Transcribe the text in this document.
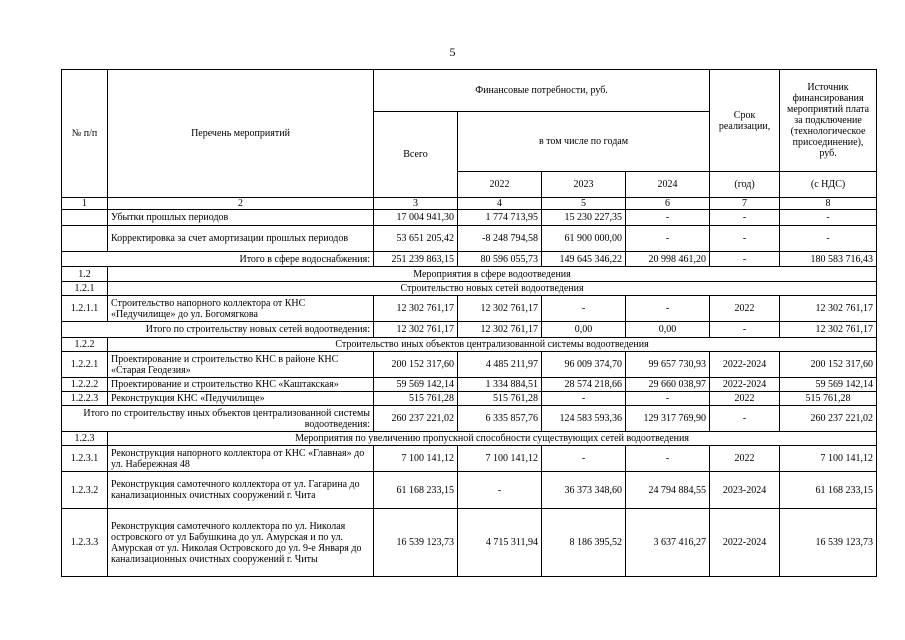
5
№ п/п	Перечень мероприятий	Финансовые потребности, руб.				Срок реализации,	Источник финансирования мероприятий плата за подключение (технологическое присоединение), руб.
		Всего	в том числе по годам				
			2022	2023	2024	(год)	(с НДС)
1	2	3	4	5	6	7	8
	Убытки прошлых периодов	17 004 941,30	1 774 713,95	15 230 227,35	-	-	-
	Корректировка за счет амортизации прошлых периодов	53 651 205,42	-8 248 794,58	61 900 000,00	-	-	-
Итого в сфере водоснабжения:		251 239 863,15	80 596 055,73	149 645 346,22	20 998 461,20	-	180 583 716,43
1.2	Мероприятия в сфере водоотведения						
1.2.1	Строительство новых сетей водоотведения						
1.2.1.1	Строительство напорного коллектора от КНС «Педучилище» до ул. Богомягкова	12 302 761,17	12 302 761,17	-	-	2022	12 302 761,17
Итого по строительству новых сетей водоотведения:		12 302 761,17	12 302 761,17	0,00	0,00	-	12 302 761,17
1.2.2	Строительство иных объектов централизованной системы водоотведения						
1.2.2.1	Проектирование и строительство КНС в районе КНС «Старая Геодезия»	200 152 317,60	4 485 211,97	96 009 374,70	99 657 730,93	2022-2024	200 152 317,60
1.2.2.2	Проектирование и строительство КНС «Каштакская»	59 569 142,14	1 334 884,51	28 574 218,66	29 660 038,97	2022-2024	59 569 142,14
1.2.2.3	Реконструкция КНС «Педучилище»	515 761,28	515 761,28	-	-	2022	515 761,28
Итого по строительству иных объектов централизованной системы водоотведения:		260 237 221,02	6 335 857,76	124 583 593,36	129 317 769,90	-	260 237 221,02
1.2.3	Мероприятия по увеличению пропускной способности существующих сетей водоотведения						
1.2.3.1	Реконструкция напорного коллектора от КНС «Главная» до ул. Набережная 48	7 100 141,12	7 100 141,12	-	-	2022	7 100 141,12
1.2.3.2	Реконструкция самотечного коллектора от ул. Гагарина до канализационных очистных сооружений г. Чита	61 168 233,15	-	36 373 348,60	24 794 884,55	2023-2024	61 168 233,15
1.2.3.3	Реконструкция самотечного коллектора по ул. Николая островского от ул Бабушкина до ул. Амурская и по ул. Амурская от ул. Николая Островского до ул. 9-е Января до канализационных очистных сооружений г. Читы	16 539 123,73	4 715 311,94	8 186 395,52	3 637 416,27	2022-2024	16 539 123,73
